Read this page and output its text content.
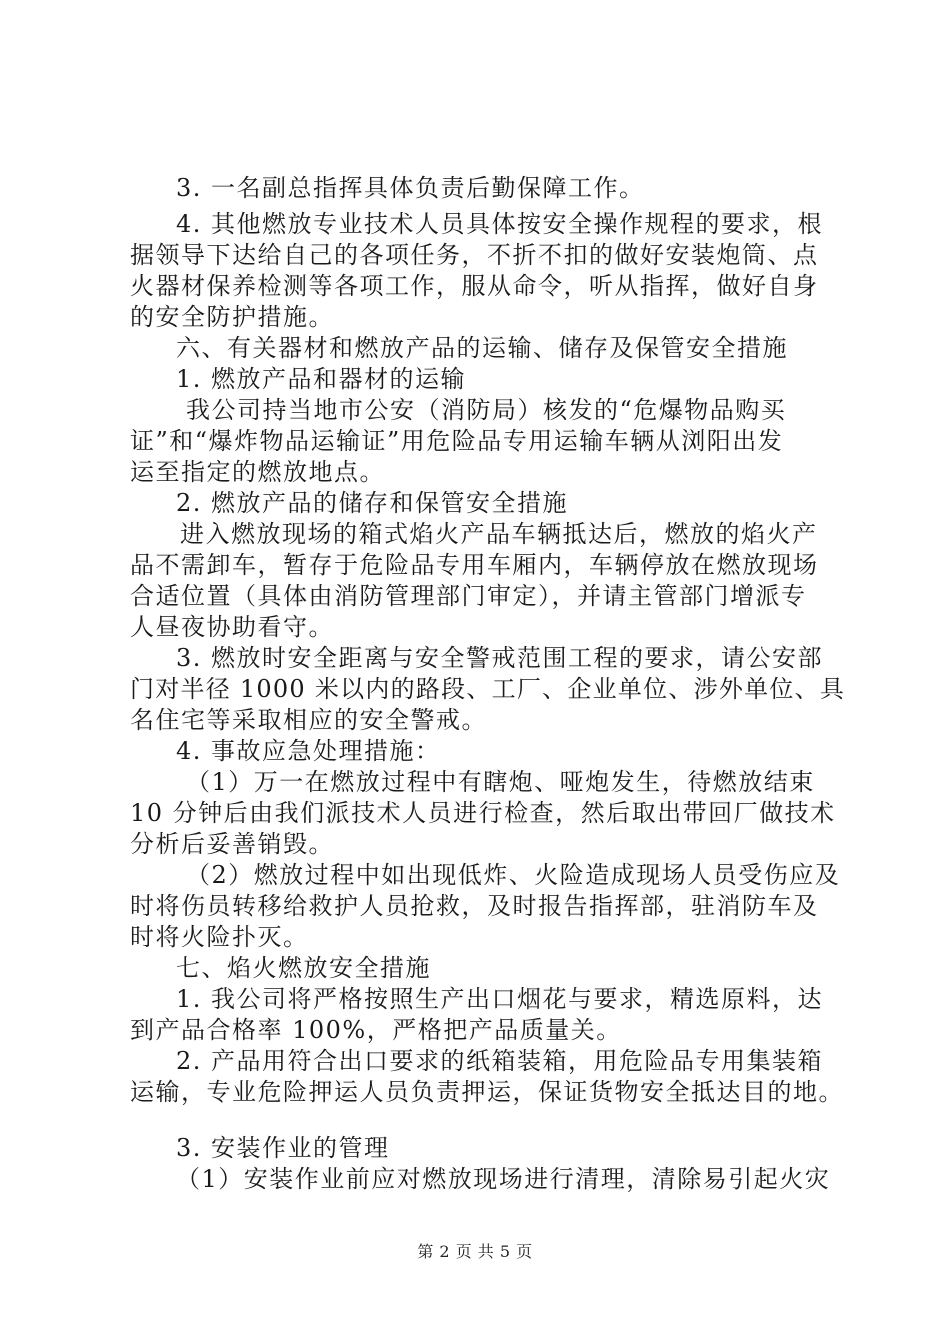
3. 一名副总指挥具体负责后勤保障工作。
4. 其他燃放专业技术人员具体按安全操作规程的要求，根
据领导下达给自己的各项任务，不折不扣的做好安装炮筒、点
火器材保养检测等各项工作，服从命令，听从指挥，做好自身
的安全防护措施。
六、有关器材和燃放产品的运输、储存及保管安全措施
1. 燃放产品和器材的运输
我公司持当地市公安（消防局）核发的“危爆物品购买
证”和“爆炸物品运输证”用危险品专用运输车辆从浏阳出发
运至指定的燃放地点。
2. 燃放产品的储存和保管安全措施
进入燃放现场的箱式焰火产品车辆抵达后，燃放的焰火产
品不需卸车，暂存于危险品专用车厢内，车辆停放在燃放现场
合适位置（具体由消防管理部门审定），并请主管部门增派专
人昼夜协助看守。
3. 燃放时安全距离与安全警戒范围工程的要求，请公安部
门对半径 1000 米以内的路段、工厂、企业单位、涉外单位、具
名住宅等采取相应的安全警戒。
4. 事故应急处理措施：
（1）万一在燃放过程中有瞎炮、哑炮发生，待燃放结束
10 分钟后由我们派技术人员进行检查，然后取出带回厂做技术
分析后妥善销毁。
（2）燃放过程中如出现低炸、火险造成现场人员受伤应及
时将伤员转移给救护人员抢救，及时报告指挥部，驻消防车及
时将火险扑灭。
七、焰火燃放安全措施
1. 我公司将严格按照生产出口烟花与要求，精选原料，达
到产品合格率 100%，严格把产品质量关。
2. 产品用符合出口要求的纸箱装箱，用危险品专用集装箱
运输，专业危险押运人员负责押运，保证货物安全抵达目的地。
3. 安装作业的管理
（1）安装作业前应对燃放现场进行清理，清除易引起火灾
第 2 页 共 5 页
